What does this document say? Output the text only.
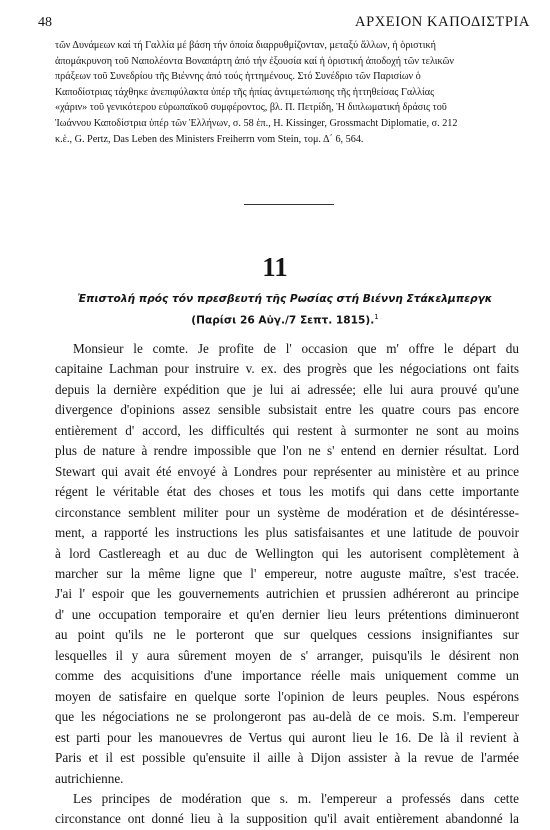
48	ΑΡΧΕΙΟΝ ΚΑΠΟΔΙΣΤΡΙΑ

τῶν Δυνάμεων καί τή Γαλλία μέ βάση τήν ὁποία διαρρυθμίζονταν, μεταξύ ἄλλων, ἡ ὁριστική

ἀπομάκρυνση τοῦ Ναπολέοντα Βοναπάρτη ἀπό τήν ἐξουσία καί ἡ ὁριστική ἀποδοχή τῶν τελικῶν

πράξεων τοῦ Συνεδρίου τῆς Βιέννης ἀπό τούς ἡττημένους. Στό Συνέδριο τῶν Παρισίων ὁ

Καποδίστριας τάχθηκε ἀνεπιφύλακτα ὑπέρ τῆς ἠπίας ἀντιμετώπισης τῆς ἡττηθείσας Γαλλίας

«χάριν» τοῦ γενικότερου εὐρωπαϊκοῦ συμφέροντος, βλ. Π. Πετρίδη, Ἡ διπλωματική δράσις τοῦ

Ἰωάννου Καποδίστρια ὑπέρ τῶν Ἑλλήνων, σ. 58 ἑπ., H. Kissinger, Grossmacht Diplomatie, σ. 212

κ.ἑ., G. Pertz, Das Leben des Ministers Freiherrn vom Stein, τομ. Δ΄ 6, 564.

11
Ἐπιστολή πρός τόν πρεσβευτή τῆς Ρωσίας στή Βιέννη Στάκελμπεργκ
(Παρίσι 26 Αὐγ./7 Σεπτ. 1815).$^1$

Monsieur le comte. Je profite de l' occasion que m' offre le départ du
capitaine Lachman pour instruire v. ex. des progrès que les négociations ont faits
depuis la dernière expédition que je lui ai adressée; elle lui aura prouvé qu'une
divergence d'opinions assez sensible subsistait entre les quatre cours pas encore
entièrement d' accord, les difficultés qui restent à surmonter ne sont au moins
plus de nature à rendre impossible que l'on ne s' entend en dernier résultat. Lord
Stewart qui avait été envoyé à Londres pour représenter au ministère et au prince
régent le véritable état des choses et tous les motifs qui dans cette importante
circonstance semblent militer pour un système de modération et de désintéresse-
ment, a rapporté les instructions les plus satisfaisantes et une latitude de pouvoir
à lord Castlereagh et au duc de Wellington qui les autorisent complètement à
marcher sur la même ligne que l' empereur, notre auguste maître, s'est tracée.
J'ai l' espoir que les gouvernements autrichien et prussien adhéreront au principe
d' une occupation temporaire et qu'en dernier lieu leurs prétentions diminueront
au point qu'ils ne le porteront que sur quelques cessions insignifiantes sur
lesquelles il y aura sûrement moyen de s' arranger, puisqu'ils le désirent non
comme des acquisitions d'une importance réelle mais uniquement comme un
moyen de satisfaire en quelque sorte l'opinion de leurs peuples. Nous espérons
que les négociations ne se prolongeront pas au-delà de ce mois. S.m. l'empereur
est parti pour les manouevres de Vertus qui auront lieu le 16. De là il revient à
Paris et il est possible qu'ensuite il aille à Dijon assister à la revue de l'armée
autrichienne.

Les principes de modération que s. m. l'empereur a professés dans cette
circonstance ont donné lieu à la supposition qu'il avait entièrement abandonné la
